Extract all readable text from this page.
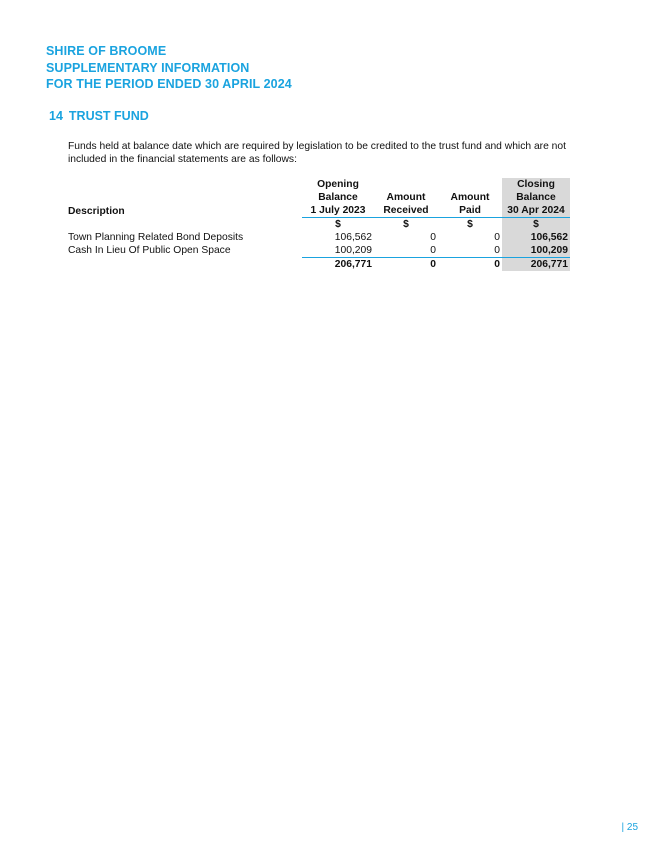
SHIRE OF BROOME
SUPPLEMENTARY INFORMATION
FOR THE PERIOD ENDED 30 APRIL 2024
14 TRUST FUND
Funds held at balance date which are required by legislation to be credited to the trust fund and which are not included in the financial statements are as follows:
	Opening			Closing
	Balance	Amount	Amount	Balance
Description	1 July 2023	Received	Paid	30 Apr 2024
	$	$	$	$
Town Planning Related Bond Deposits	106,562	0	0	106,562
Cash In Lieu Of Public Open Space	100,209	0	0	100,209
	206,771	0	0	206,771
| 25
